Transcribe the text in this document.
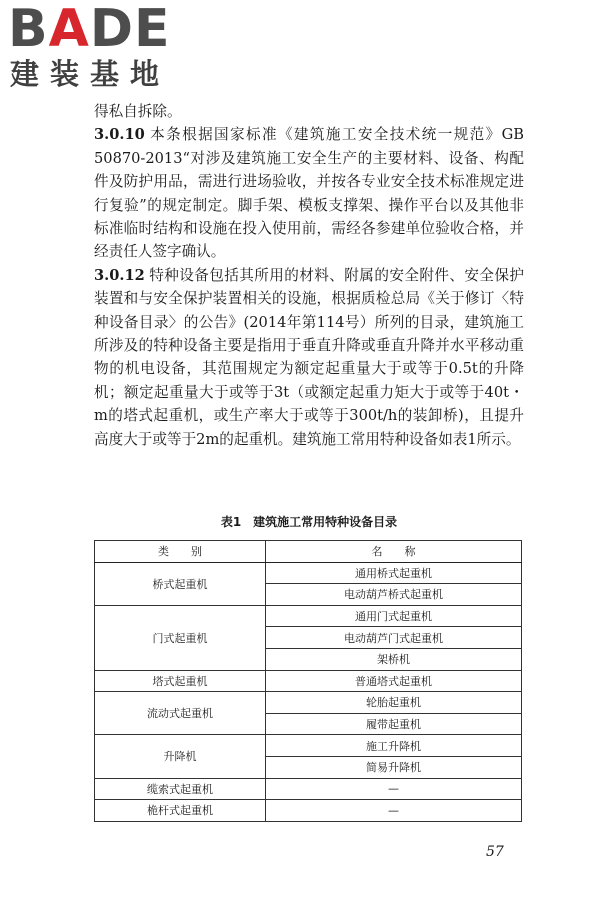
BADE
建装基地

得私自拆除。

3.0.10 本条根据国家标准《建筑施工安全技术统一规范》GB 50870-2013“对涉及建筑施工安全生产的主要材料、设备、构配件及防护用品，需进行进场验收，并按各专业安全技术标准规定进行复验”的规定制定。脚手架、模板支撑架、操作平台以及其他非标准临时结构和设施在投入使用前，需经各参建单位验收合格，并经责任人签字确认。

3.0.12 特种设备包括其所用的材料、附属的安全附件、安全保护装置和与安全保护装置相关的设施，根据质检总局《关于修订〈特种设备目录〉的公告》(2014年第114号）所列的目录，建筑施工所涉及的特种设备主要是指用于垂直升降或垂直升降并水平移动重物的机电设备，其范围规定为额定起重量大于或等于0.5t的升降机；额定起重量大于或等于3t（或额定起重力矩大于或等于40t・m的塔式起重机，或生产率大于或等于300t/h的装卸桥)，且提升高度大于或等于2m的起重机。建筑施工常用特种设备如表1所示。

表1　建筑施工常用特种设备目录
类　　别	名　　称
桥式起重机	通用桥式起重机
	电动葫芦桥式起重机
门式起重机	通用门式起重机
	电动葫芦门式起重机
	架桥机
塔式起重机	普通塔式起重机
流动式起重机	轮胎起重机
	履带起重机
升降机	施工升降机
	简易升降机
缆索式起重机	—
桅杆式起重机	—
57
